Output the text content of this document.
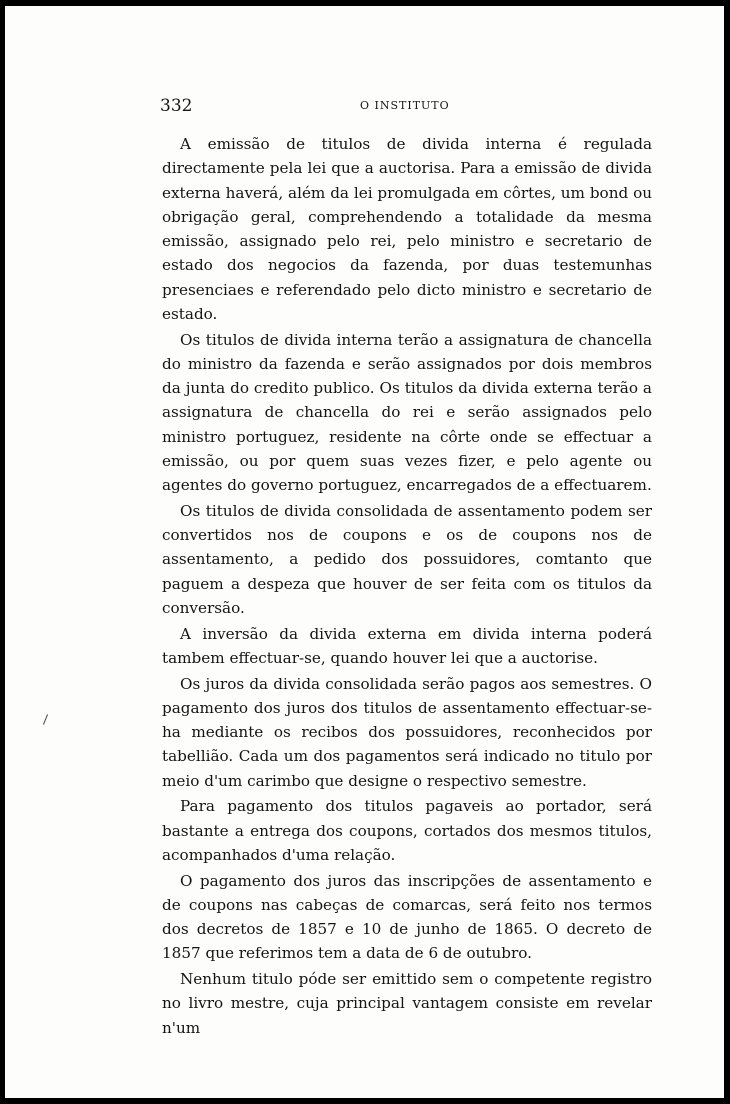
332	O INSTITUTO

A emissão de titulos de divida interna é regulada directamente pela lei que a auctorisa. Para a emissão de divida externa haverá, além da lei promulgada em côrtes, um bond ou obrigação geral, comprehendendo a totalidade da mesma emissão, assignado pelo rei, pelo ministro e secretario de estado dos negocios da fazenda, por duas testemunhas presenciaes e referendado pelo dicto ministro e secretario de estado.

Os titulos de divida interna terão a assignatura de chancella do ministro da fazenda e serão assignados por dois membros da junta do credito publico. Os titulos da divida externa terão a assignatura de chancella do rei e serão assignados pelo ministro portuguez, residente na côrte onde se effectuar a emissão, ou por quem suas vezes fizer, e pelo agente ou agentes do governo portuguez, encarregados de a effectuarem.

Os titulos de divida consolidada de assentamento podem ser convertidos nos de coupons e os de coupons nos de assentamento, a pedido dos possuidores, comtanto que paguem a despeza que houver de ser feita com os titulos da conversão.

A inversão da divida externa em divida interna poderá tambem effectuar-se, quando houver lei que a auctorise.

Os juros da divida consolidada serão pagos aos semestres. O pagamento dos juros dos titulos de assentamento effectuar-se-ha mediante os recibos dos possuidores, reconhecidos por tabellião. Cada um dos pagamentos será indicado no titulo por meio d'um carimbo que designe o respectivo semestre.

Para pagamento dos titulos pagaveis ao portador, será bastante a entrega dos coupons, cortados dos mesmos titulos, acompanhados d'uma relação.

O pagamento dos juros das inscripções de assentamento e de coupons nas cabeças de comarcas, será feito nos termos dos decretos de 1857 e 10 de junho de 1865. O decreto de 1857 que referimos tem a data de 6 de outubro.

Nenhum titulo póde ser emittido sem o competente registro no livro mestre, cuja principal vantagem consiste em revelar n'um
